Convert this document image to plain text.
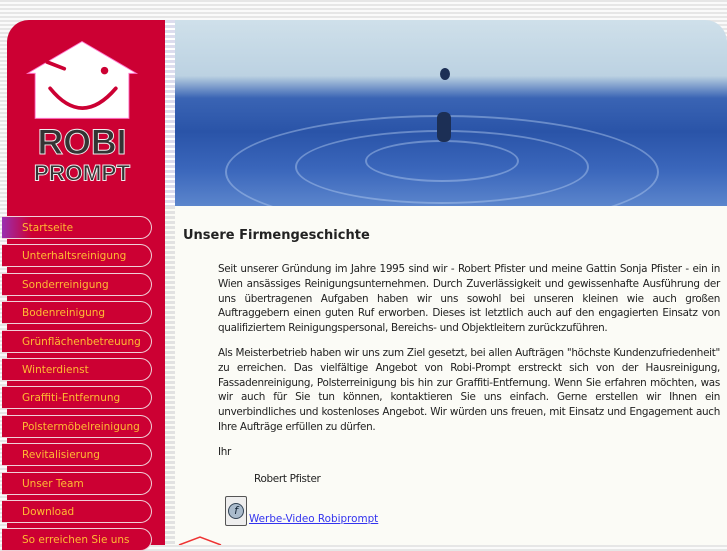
ROBI
PROMPT
Startseite
Unterhaltsreinigung
Sonderreinigung
Bodenreinigung
Grünflächenbetreuung
Winterdienst
Graffiti-Entfernung
Polstermöbelreinigung
Revitalisierung
Unser Team
Download
So erreichen Sie uns
Unsere Firmengeschichte

Seit unserer Gründung im Jahre 1995 sind wir - Robert Pfister und meine Gattin Sonja Pfister - ein in Wien ansässiges Reinigungsunternehmen. Durch Zuverlässigkeit und gewissenhafte Ausführung der uns übertragenen Aufgaben haben wir uns sowohl bei unseren kleinen wie auch großen Auftraggebern einen guten Ruf erworben. Dieses ist letztlich auch auf den engagierten Einsatz von qualifiziertem Reinigungspersonal, Bereichs- und Objektleitern zurückzuführen.

Als Meisterbetrieb haben wir uns zum Ziel gesetzt, bei allen Aufträgen "höchste Kundenzufriedenheit" zu erreichen. Das vielfältige Angebot von Robi-Prompt erstreckt sich von der Hausreinigung, Fassadenreinigung, Polsterreinigung bis hin zur Graffiti-Entfernung. Wenn Sie erfahren möchten, was wir auch für Sie tun können, kontaktieren Sie uns einfach. Gerne erstellen wir Ihnen ein unverbindliches und kostenloses Angebot. Wir würden uns freuen, mit Einsatz und Engagement auch Ihre Aufträge erfüllen zu dürfen.

Ihr

Robert Pfister

f
Werbe-Video Robiprompt
